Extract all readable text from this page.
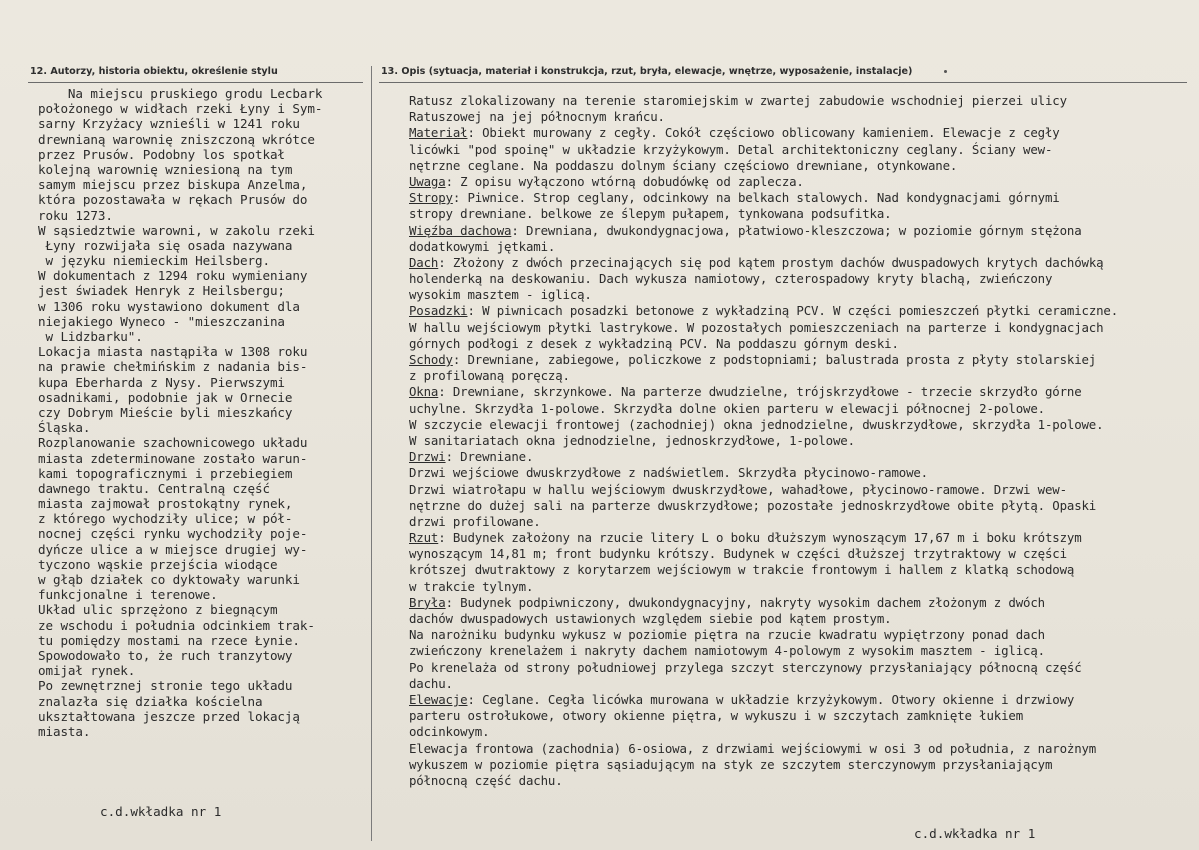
12. Autorzy, historia obiektu, określenie stylu	13. Opis (sytuacja, materiał i konstrukcja, rzut, bryła, elewacje, wnętrze, wyposażenie, instalacje)
Na miejscu pruskiego grodu Lecbark
położonego w widłach rzeki Łyny i Sym-
sarny Krzyżacy wznieśli w 1241 roku
drewnianą warownię zniszczoną wkrótce
przez Prusów. Podobny los spotkał
kolejną warownię wzniesioną na tym
samym miejscu przez biskupa Anzelma,
która pozostawała w rękach Prusów do
roku 1273.
W sąsiedztwie warowni, w zakolu rzeki
Łyny rozwijała się osada nazywana
w języku niemieckim Heilsberg.
W dokumentach z 1294 roku wymieniany
jest świadek Henryk z Heilsbergu;
w 1306 roku wystawiono dokument dla
niejakiego Wyneco - "mieszczanina
w Lidzbarku".
Lokacja miasta nastąpiła w 1308 roku
na prawie chełmińskim z nadania bis-
kupa Eberharda z Nysy. Pierwszymi
osadnikami, podobnie jak w Ornecie
czy Dobrym Mieście byli mieszkańcy
Śląska.
Rozplanowanie szachownicowego układu
miasta zdeterminowane zostało warun-
kami topograficznymi i przebiegiem
dawnego traktu. Centralną część
miasta zajmował prostokątny rynek,
z którego wychodziły ulice; w pół-
nocnej części rynku wychodziły poje-
dyńcze ulice a w miejsce drugiej wy-
tyczono wąskie przejścia wiodące
w głąb działek co dyktowały warunki
funkcjonalne i terenowe.
Układ ulic sprzężono z biegnącym
ze wschodu i południa odcinkiem trak-
tu pomiędzy mostami na rzece Łynie.
Spowodowało to, że ruch tranzytowy
omijał rynek.
Po zewnętrznej stronie tego układu
znalazła się działka kościelna
ukształtowana jeszcze przed lokacją
miasta.

Ratusz zlokalizowany na terenie staromiejskim w zwartej zabudowie wschodniej pierzei ulicy
Ratuszowej na jej północnym krańcu.
Materiał: Obiekt murowany z cegły. Cokół częściowo oblicowany kamieniem. Elewacje z cegły
licówki "pod spoinę" w układzie krzyżykowym. Detal architektoniczny ceglany. Ściany wew-
nętrzne ceglane. Na poddaszu dolnym ściany częściowo drewniane, otynkowane.
Uwaga: Z opisu wyłączono wtórną dobudówkę od zaplecza.
Stropy: Piwnice. Strop ceglany, odcinkowy na belkach stalowych. Nad kondygnacjami górnymi
stropy drewniane. belkowe ze ślepym pułapem, tynkowana podsufitka.
Więźba dachowa: Drewniana, dwukondygnacjowa, płatwiowo-kleszczowa; w poziomie górnym stężona
dodatkowymi jętkami.
Dach: Złożony z dwóch przecinających się pod kątem prostym dachów dwuspadowych krytych dachówką
holenderką na deskowaniu. Dach wykusza namiotowy, czterospadowy kryty blachą, zwieńczony
wysokim masztem - iglicą.
Posadzki: W piwnicach posadzki betonowe z wykładziną PCV. W części pomieszczeń płytki ceramiczne.
W hallu wejściowym płytki lastrykowe. W pozostałych pomieszczeniach na parterze i kondygnacjach
górnych podłogi z desek z wykładziną PCV. Na poddaszu górnym deski.
Schody: Drewniane, zabiegowe, policzkowe z podstopniami; balustrada prosta z płyty stolarskiej
z profilowaną poręczą.
Okna: Drewniane, skrzynkowe. Na parterze dwudzielne, trójskrzydłowe - trzecie skrzydło górne
uchylne. Skrzydła 1-polowe. Skrzydła dolne okien parteru w elewacji północnej 2-polowe.
W szczycie elewacji frontowej (zachodniej) okna jednodzielne, dwuskrzydłowe, skrzydła 1-polowe.
W sanitariatach okna jednodzielne, jednoskrzydłowe, 1-polowe.
Drzwi: Drewniane.
Drzwi wejściowe dwuskrzydłowe z nadświetlem. Skrzydła płycinowo-ramowe.
Drzwi wiatrołapu w hallu wejściowym dwuskrzydłowe, wahadłowe, płycinowo-ramowe. Drzwi wew-
nętrzne do dużej sali na parterze dwuskrzydłowe; pozostałe jednoskrzydłowe obite płytą. Opaski
drzwi profilowane.
Rzut: Budynek założony na rzucie litery L o boku dłuższym wynoszącym 17,67 m i boku krótszym
wynoszącym 14,81 m; front budynku krótszy. Budynek w części dłuższej trzytraktowy w części
krótszej dwutraktowy z korytarzem wejściowym w trakcie frontowym i hallem z klatką schodową
w trakcie tylnym.
Bryła: Budynek podpiwniczony, dwukondygnacyjny, nakryty wysokim dachem złożonym z dwóch
dachów dwuspadowych ustawionych względem siebie pod kątem prostym.
Na narożniku budynku wykusz w poziomie piętra na rzucie kwadratu wypiętrzony ponad dach
zwieńczony krenelażem i nakryty dachem namiotowym 4-polowym z wysokim masztem - iglicą.
Po krenelaża od strony południowej przylega szczyt sterczynowy przysłaniający północną część
dachu.
Elewacje: Ceglane. Cegła licówka murowana w układzie krzyżykowym. Otwory okienne i drzwiowy
parteru ostrołukowe, otwory okienne piętra, w wykuszu i w szczytach zamknięte łukiem
odcinkowym.
Elewacja frontowa (zachodnia) 6-osiowa, z drzwiami wejściowymi w osi 3 od południa, z narożnym
wykuszem w poziomie piętra sąsiadującym na styk ze szczytem sterczynowym przysłaniającym
północną część dachu.
c.d.wkładka nr 1
c.d.wkładka nr 1
